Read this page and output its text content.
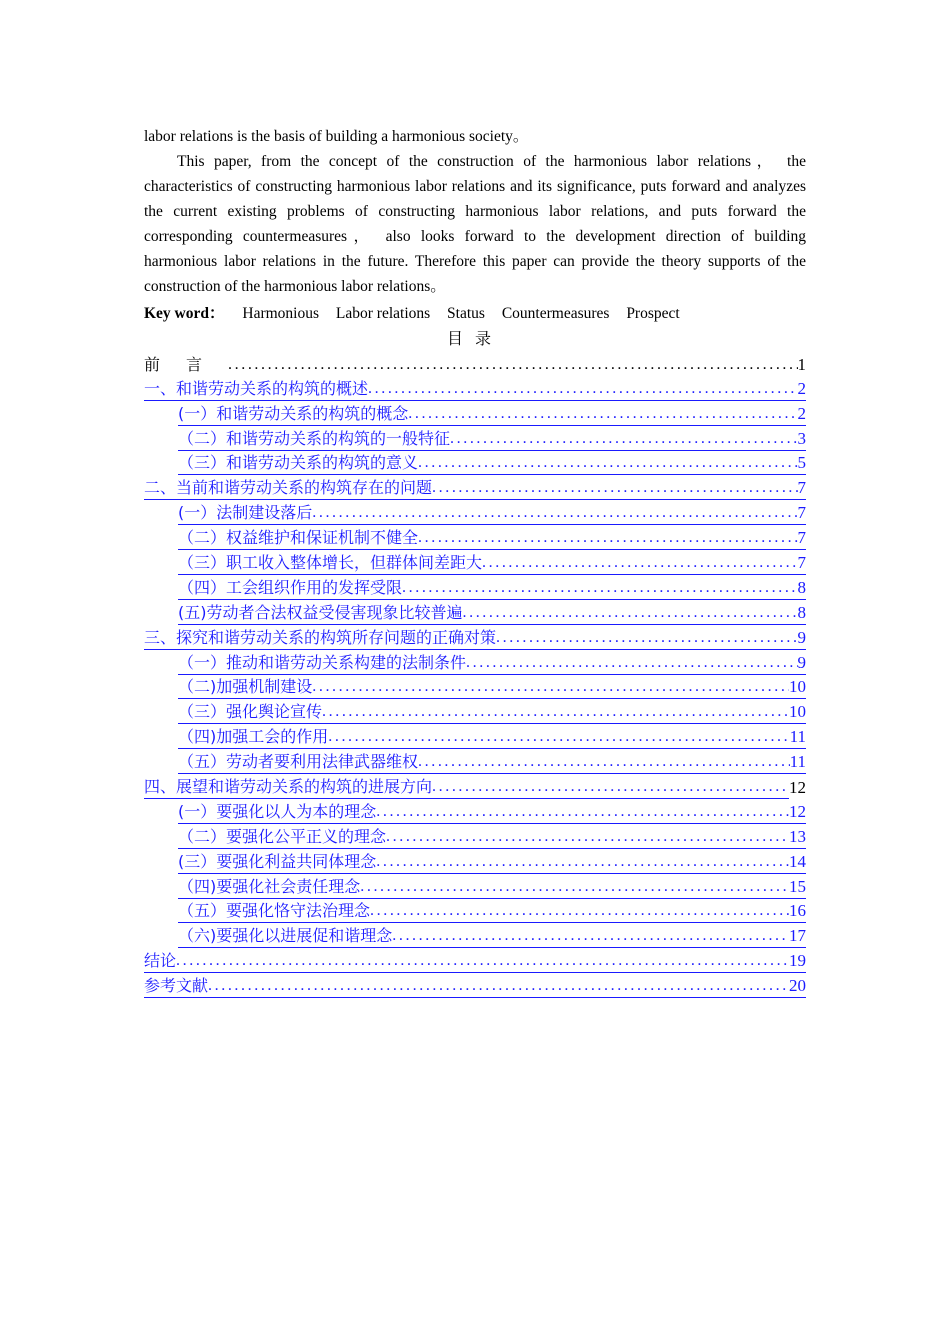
labor relations is the basis of building a harmonious society。

This paper, from the concept of the construction of the harmonious labor relations， the characteristics of constructing harmonious labor relations and its significance, puts forward and analyzes the current existing problems of constructing harmonious labor relations, and puts forward the corresponding countermeasures， also looks forward to the development direction of building harmonious labor relations in the future. Therefore this paper can provide the theory supports of the construction of the harmonious labor relations。

Key word： Harmonious Labor relations Status Countermeasures Prospect
目录
前言 .....	1
一、和谐劳动关系的构筑的概述 .....	2
(一）和谐劳动关系的构筑的概念 .....	2
（二）和谐劳动关系的构筑的一般特征 .....	3
（三）和谐劳动关系的构筑的意义 .....	5
二、当前和谐劳动关系的构筑存在的问题 .....	7
(一）法制建设落后 .....	7
（二）权益维护和保证机制不健全 .....	7
（三）职工收入整体增长，但群体间差距大 .....	7
（四）工会组织作用的发挥受限 .....	8
(五)劳动者合法权益受侵害现象比较普遍 .....	8
三、探究和谐劳动关系的构筑所存问题的正确对策 .....	9
（一）推动和谐劳动关系构建的法制条件 .....	9
（二)加强机制建设 .....	10
（三）强化舆论宣传 .....	10
（四)加强工会的作用 .....	11
（五）劳动者要利用法律武器维权 .....	11
四、展望和谐劳动关系的构筑的进展方向 .....	12
(一）要强化以人为本的理念 .....	12
（二）要强化公平正义的理念 .....	13
(三）要强化利益共同体理念 .....	14
（四)要强化社会责任理念 .....	15
（五）要强化恪守法治理念 .....	16
（六)要强化以进展促和谐理念 .....	17
结论 .....	19
参考文献 .....	20
